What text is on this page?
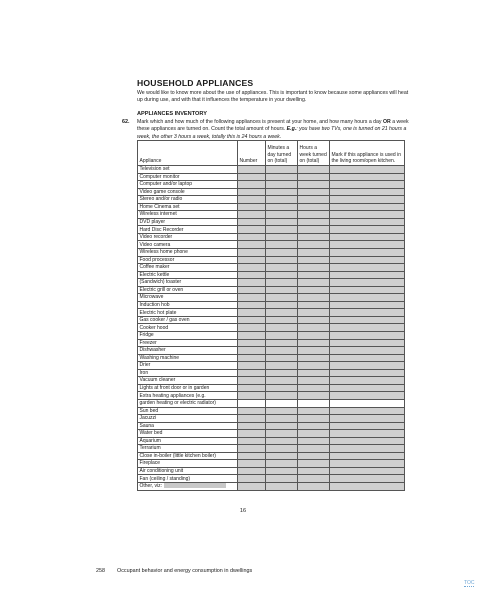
HOUSEHOLD APPLIANCES
We would like to know more about the use of appliances. This is important to know because some appliances will heat up during use, and with that it influences the temperature in your dwelling.
APPLIANCES INVENTORY
62. Mark which and how much of the following appliances is present at your home, and how many hours a day OR a week these appliances are turned on. Count the total amount of hours. E.g.: you have two TVs, one is turned on 21 hours a week, the other 3 hours a week, totally this is 24 hours a week.
Appliance	Number	Minutes a day turned on (total)	Hours a week turned on (total)	Mark if this appliance is used in the living room/open kitchen.
Television set				
Computer monitor				
Computer and/or laptop				
Video game console				
Stereo and/or radio				
Home Cinema set				
Wireless internet				
DVD player				
Hard Disc Recorder				
Video recorder				
Video camera				
Wireless home phone				
Food processor				
Coffee maker				
Electric kettle				
(Sandwich) toaster				
Electric grill or oven				
Microwave				
Induction hob				
Electric hot plate				
Gas cooker / gas oven				
Cooker hood				
Fridge				
Freezer				
Dishwasher				
Washing machine				
Drier				
Iron				
Vacuum cleaner				
Lights at front door or in garden				
Extra heating appliances (e.g.				
garden heating or electric radiator)				
Sun bed				
Jacuzzi				
Sauna				
Water bed				
Aquarium				
Terrarium				
Close in-boiler (little kitchen boiler)				
Fireplace				
Air conditioning unit				
Fan (ceiling / standing)				
Other, viz:				
16
258 Occupant behavior and energy consumption in dwellings
TOC
